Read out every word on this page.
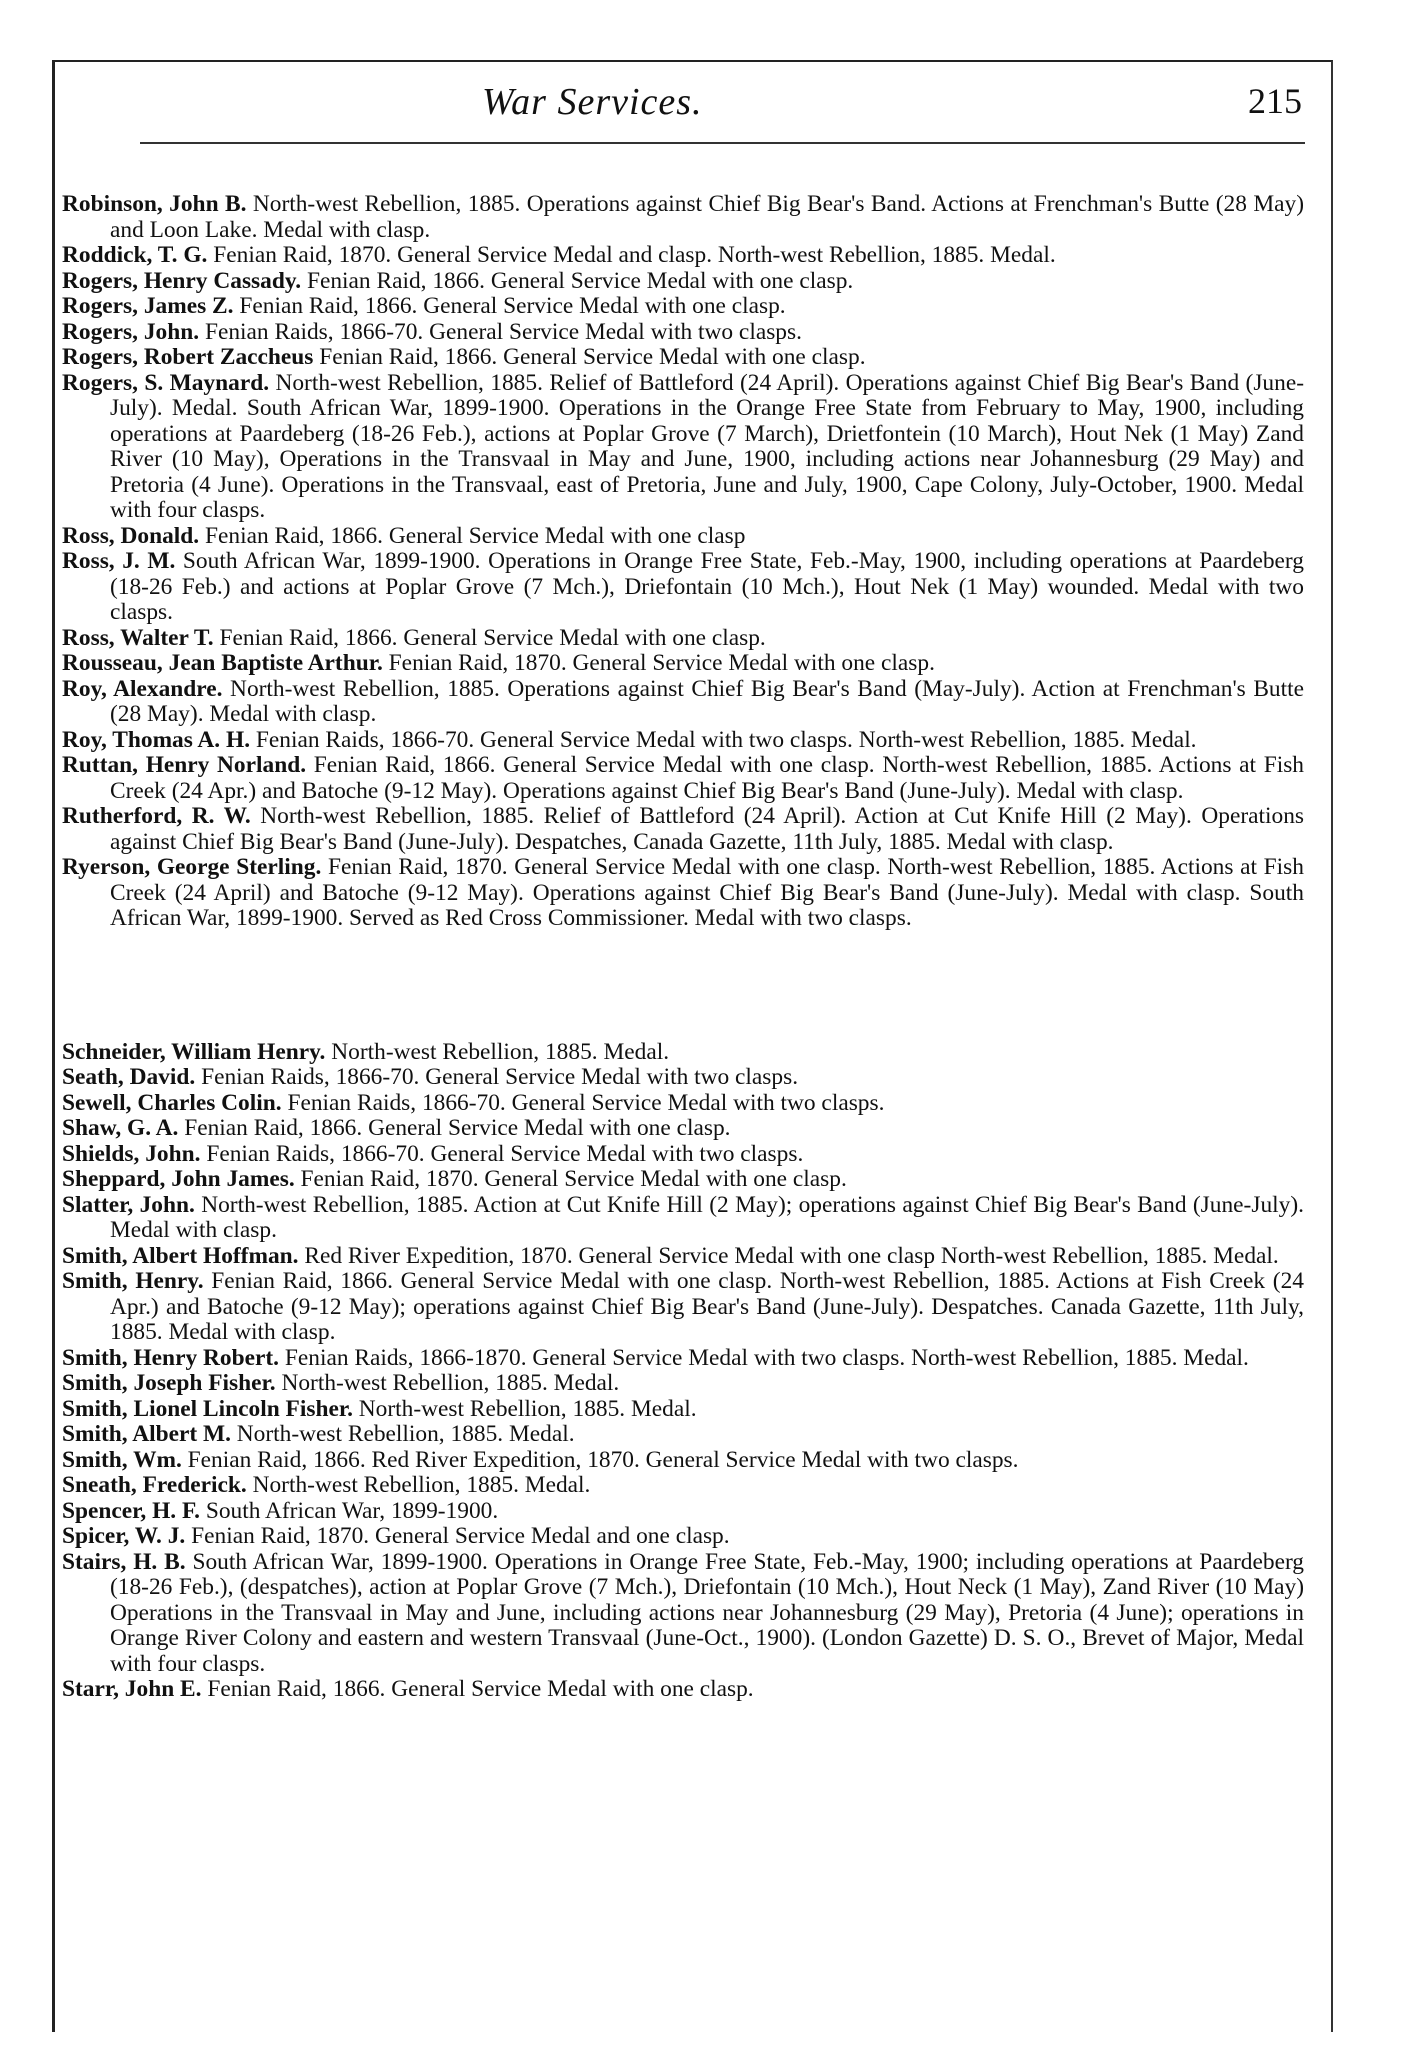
War Services.	215

Robinson, John B. North-west Rebellion, 1885. Operations against Chief Big Bear's Band. Actions at Frenchman's Butte (28 May) and Loon Lake. Medal with clasp.

Roddick, T. G. Fenian Raid, 1870. General Service Medal and clasp. North-west Rebellion, 1885. Medal.

Rogers, Henry Cassady. Fenian Raid, 1866. General Service Medal with one clasp.

Rogers, James Z. Fenian Raid, 1866. General Service Medal with one clasp.

Rogers, John. Fenian Raids, 1866-70. General Service Medal with two clasps.

Rogers, Robert Zaccheus Fenian Raid, 1866. General Service Medal with one clasp.

Rogers, S. Maynard. North-west Rebellion, 1885. Relief of Battleford (24 April). Operations against Chief Big Bear's Band (June-July). Medal. South African War, 1899-1900. Operations in the Orange Free State from February to May, 1900, including operations at Paardeberg (18-26 Feb.), actions at Poplar Grove (7 March), Drietfontein (10 March), Hout Nek (1 May) Zand River (10 May), Operations in the Transvaal in May and June, 1900, including actions near Johannesburg (29 May) and Pretoria (4 June). Operations in the Transvaal, east of Pretoria, June and July, 1900, Cape Colony, July-October, 1900. Medal with four clasps.

Ross, Donald. Fenian Raid, 1866. General Service Medal with one clasp

Ross, J. M. South African War, 1899-1900. Operations in Orange Free State, Feb.-May, 1900, including operations at Paardeberg (18-26 Feb.) and actions at Poplar Grove (7 Mch.), Driefontain (10 Mch.), Hout Nek (1 May) wounded. Medal with two clasps.

Ross, Walter T. Fenian Raid, 1866. General Service Medal with one clasp.

Rousseau, Jean Baptiste Arthur. Fenian Raid, 1870. General Service Medal with one clasp.

Roy, Alexandre. North-west Rebellion, 1885. Operations against Chief Big Bear's Band (May-July). Action at Frenchman's Butte (28 May). Medal with clasp.

Roy, Thomas A. H. Fenian Raids, 1866-70. General Service Medal with two clasps. North-west Rebellion, 1885. Medal.

Ruttan, Henry Norland. Fenian Raid, 1866. General Service Medal with one clasp. North-west Rebellion, 1885. Actions at Fish Creek (24 Apr.) and Batoche (9-12 May). Operations against Chief Big Bear's Band (June-July). Medal with clasp.

Rutherford, R. W. North-west Rebellion, 1885. Relief of Battleford (24 April). Action at Cut Knife Hill (2 May). Operations against Chief Big Bear's Band (June-July). Despatches, Canada Gazette, 11th July, 1885. Medal with clasp.

Ryerson, George Sterling. Fenian Raid, 1870. General Service Medal with one clasp. North-west Rebellion, 1885. Actions at Fish Creek (24 April) and Batoche (9-12 May). Operations against Chief Big Bear's Band (June-July). Medal with clasp. South African War, 1899-1900. Served as Red Cross Commissioner. Medal with two clasps.

Schneider, William Henry. North-west Rebellion, 1885. Medal.

Seath, David. Fenian Raids, 1866-70. General Service Medal with two clasps.

Sewell, Charles Colin. Fenian Raids, 1866-70. General Service Medal with two clasps.

Shaw, G. A. Fenian Raid, 1866. General Service Medal with one clasp.

Shields, John. Fenian Raids, 1866-70. General Service Medal with two clasps.

Sheppard, John James. Fenian Raid, 1870. General Service Medal with one clasp.

Slatter, John. North-west Rebellion, 1885. Action at Cut Knife Hill (2 May); operations against Chief Big Bear's Band (June-July). Medal with clasp.

Smith, Albert Hoffman. Red River Expedition, 1870. General Service Medal with one clasp North-west Rebellion, 1885. Medal.

Smith, Henry. Fenian Raid, 1866. General Service Medal with one clasp. North-west Rebellion, 1885. Actions at Fish Creek (24 Apr.) and Batoche (9-12 May); operations against Chief Big Bear's Band (June-July). Despatches. Canada Gazette, 11th July, 1885. Medal with clasp.

Smith, Henry Robert. Fenian Raids, 1866-1870. General Service Medal with two clasps. North-west Rebellion, 1885. Medal.

Smith, Joseph Fisher. North-west Rebellion, 1885. Medal.

Smith, Lionel Lincoln Fisher. North-west Rebellion, 1885. Medal.

Smith, Albert M. North-west Rebellion, 1885. Medal.

Smith, Wm. Fenian Raid, 1866. Red River Expedition, 1870. General Service Medal with two clasps.

Sneath, Frederick. North-west Rebellion, 1885. Medal.

Spencer, H. F. South African War, 1899-1900.

Spicer, W. J. Fenian Raid, 1870. General Service Medal and one clasp.

Stairs, H. B. South African War, 1899-1900. Operations in Orange Free State, Feb.-May, 1900; including operations at Paardeberg (18-26 Feb.), (despatches), action at Poplar Grove (7 Mch.), Driefontain (10 Mch.), Hout Neck (1 May), Zand River (10 May) Operations in the Transvaal in May and June, including actions near Johannesburg (29 May), Pretoria (4 June); operations in Orange River Colony and eastern and western Transvaal (June-Oct., 1900). (London Gazette) D. S. O., Brevet of Major, Medal with four clasps.

Starr, John E. Fenian Raid, 1866. General Service Medal with one clasp.
